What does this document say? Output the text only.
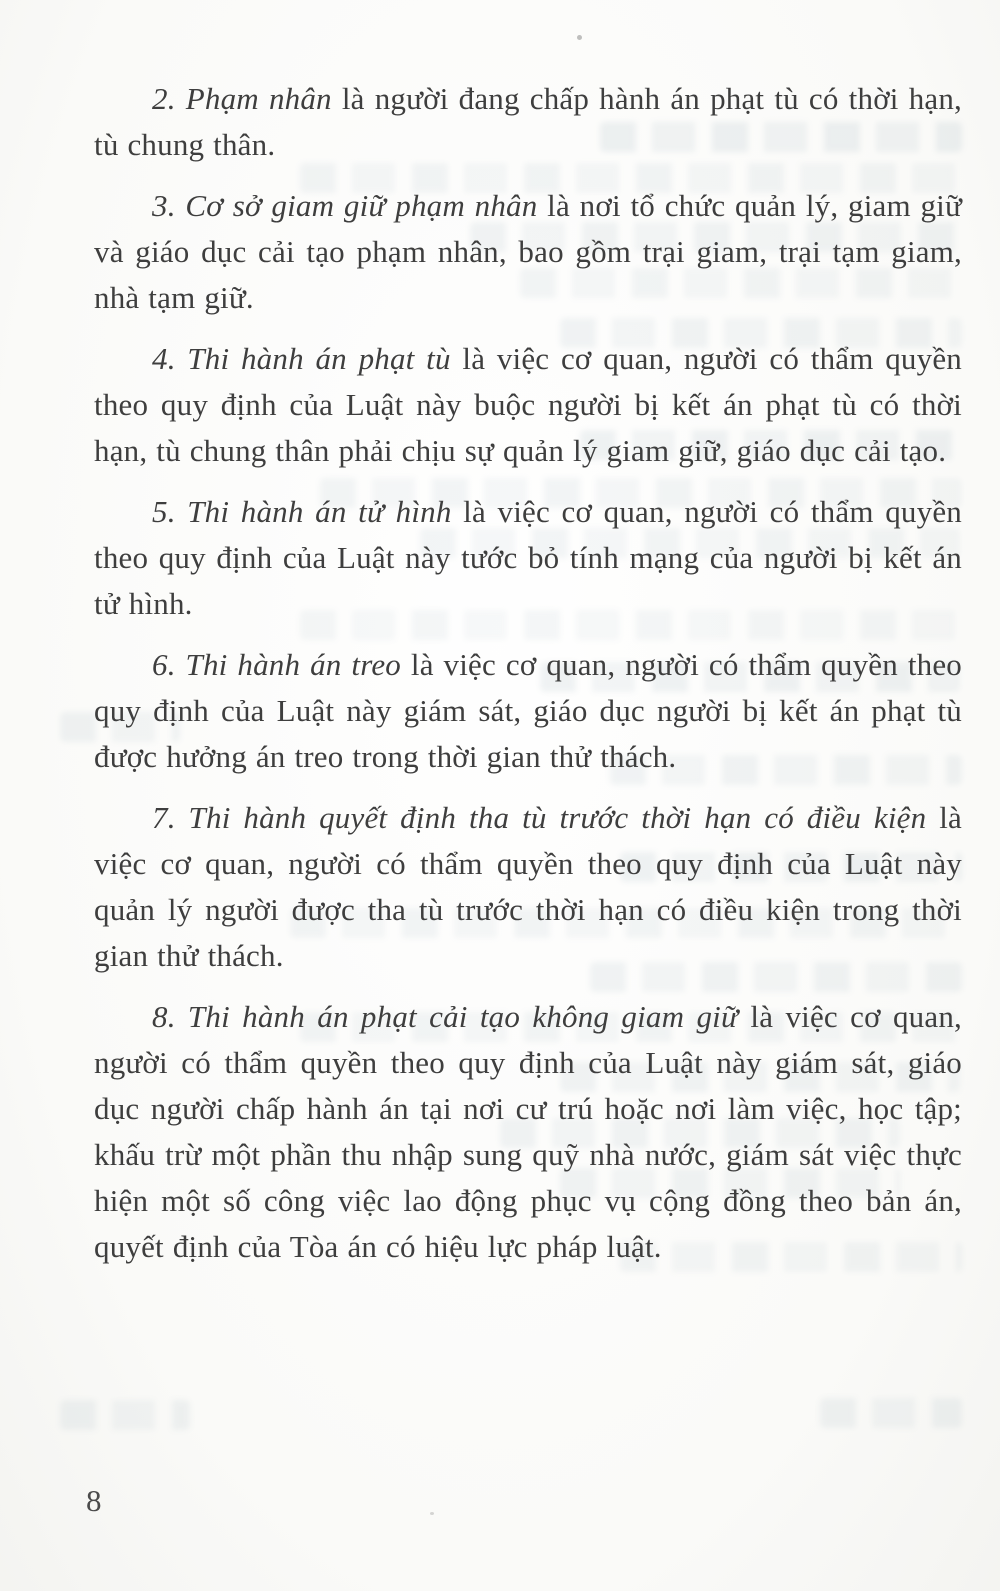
2. Phạm nhân là người đang chấp hành án phạt tù có thời hạn, tù chung thân.

3. Cơ sở giam giữ phạm nhân là nơi tổ chức quản lý, giam giữ và giáo dục cải tạo phạm nhân, bao gồm trại giam, trại tạm giam, nhà tạm giữ.

4. Thi hành án phạt tù là việc cơ quan, người có thẩm quyền theo quy định của Luật này buộc người bị kết án phạt tù có thời hạn, tù chung thân phải chịu sự quản lý giam giữ, giáo dục cải tạo.

5. Thi hành án tử hình là việc cơ quan, người có thẩm quyền theo quy định của Luật này tước bỏ tính mạng của người bị kết án tử hình.

6. Thi hành án treo là việc cơ quan, người có thẩm quyền theo quy định của Luật này giám sát, giáo dục người bị kết án phạt tù được hưởng án treo trong thời gian thử thách.

7. Thi hành quyết định tha tù trước thời hạn có điều kiện là việc cơ quan, người có thẩm quyền theo quy định của Luật này quản lý người được tha tù trước thời hạn có điều kiện trong thời gian thử thách.

8. Thi hành án phạt cải tạo không giam giữ là việc cơ quan, người có thẩm quyền theo quy định của Luật này giám sát, giáo dục người chấp hành án tại nơi cư trú hoặc nơi làm việc, học tập; khấu trừ một phần thu nhập sung quỹ nhà nước, giám sát việc thực hiện một số công việc lao động phục vụ cộng đồng theo bản án, quyết định của Tòa án có hiệu lực pháp luật.

8
